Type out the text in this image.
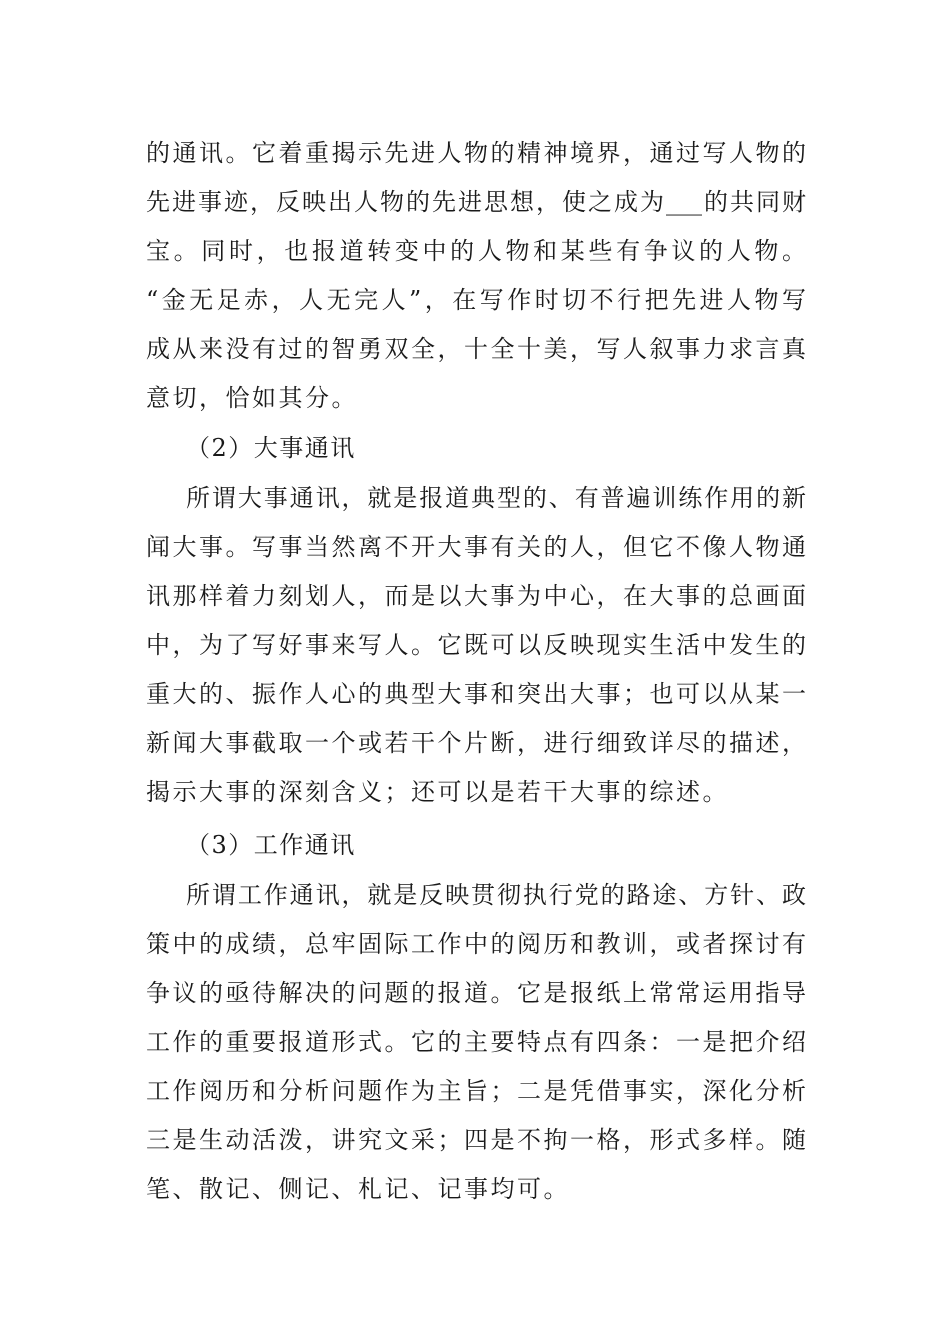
的通讯。它着重揭示先进人物的精神境界，通过写人物的
先进事迹，反映出人物的先进思想，使之成为___的共同财
宝。同时，也报道转变中的人物和某些有争议的人物。
“金无足赤，人无完人”，在写作时切不行把先进人物写
成从来没有过的智勇双全，十全十美，写人叙事力求言真
意切，恰如其分。
（2）大事通讯
所谓大事通讯，就是报道典型的、有普遍训练作用的新
闻大事。写事当然离不开大事有关的人，但它不像人物通
讯那样着力刻划人，而是以大事为中心，在大事的总画面
中，为了写好事来写人。它既可以反映现实生活中发生的
重大的、振作人心的典型大事和突出大事；也可以从某一
新闻大事截取一个或若干个片断，进行细致详尽的描述，
揭示大事的深刻含义；还可以是若干大事的综述。
（3）工作通讯
所谓工作通讯，就是反映贯彻执行党的路途、方针、政
策中的成绩，总牢固际工作中的阅历和教训，或者探讨有
争议的亟待解决的问题的报道。它是报纸上常常运用指导
工作的重要报道形式。它的主要特点有四条：一是把介绍
工作阅历和分析问题作为主旨；二是凭借事实，深化分析
三是生动活泼，讲究文采；四是不拘一格，形式多样。随
笔、散记、侧记、札记、记事均可。
